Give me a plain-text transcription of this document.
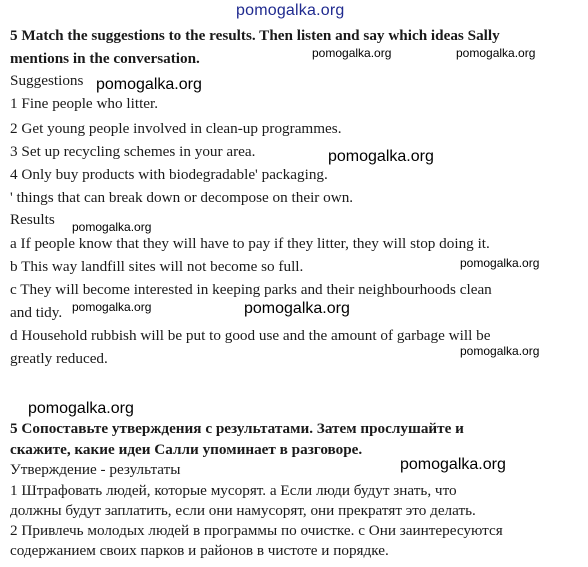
pomogalka.org
5 Match the suggestions to the results. Then listen and say which ideas Sally
mentions in the conversation.
Suggestions
1 Fine people who litter.
2 Get young people involved in clean-up programmes.
3 Set up recycling schemes in your area.
4 Only buy products with biodegradable' packaging.
' things that can break down or decompose on their own.
Results
a If people know that they will have to pay if they litter, they will stop doing it.
b This way landfill sites will not become so full.
c They will become interested in keeping parks and their neighbourhoods clean
and tidy.
d Household rubbish will be put to good use and the amount of garbage will be
greatly reduced.
5 Сопоставьте утверждения с результатами. Затем прослушайте и
скажите, какие идеи Салли упоминает в разговоре.
Утверждение - результаты
1 Штрафовать людей, которые мусорят. а Если люди будут знать, что
должны будут заплатить, если они намусорят, они прекратят это делать.
2 Привлечь молодых людей в программы по очистке. с Они заинтересуются
содержанием своих парков и районов в чистоте и порядке.
pomogalka.org	pomogalka.org
pomogalka.org
pomogalka.org
pomogalka.org
pomogalka.org
pomogalka.org	pomogalka.org
pomogalka.org
pomogalka.org
pomogalka.org
